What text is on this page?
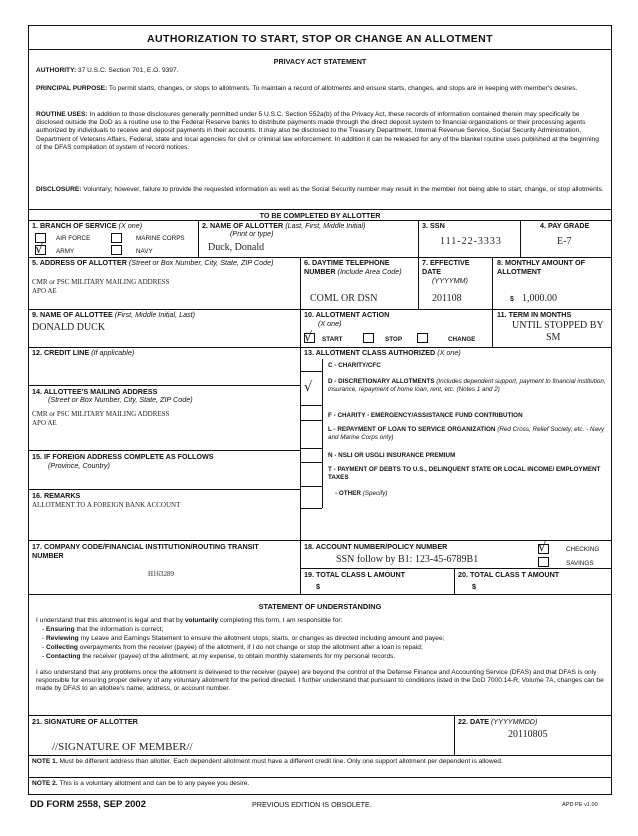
AUTHORIZATION TO START, STOP OR CHANGE AN ALLOTMENT
PRIVACY ACT STATEMENT
AUTHORITY: 37 U.S.C. Section 701, E.O. 9397.
PRINCIPAL PURPOSE: To permit starts, changes, or stops to allotments. To maintain a record of allotments and ensure starts, changes, and stops are in keeping with member's desires.
ROUTINE USES: In addition to those disclosures generally permitted under 5 U.S.C. Section 552a(b) of the Privacy Act, these records of information contained therein may specifically be disclosed outside the DoD as a routine use to the Federal Reserve banks to distribute payments made through the direct deposit system to financial organizations or their processing agents authorized by individuals to receive and deposit payments in their accounts. It may also be disclosed to the Treasury Department, Internal Revenue Service, Social Security Administration, Department of Veterans Affairs, Federal, state and local agencies for civil or criminal law enforcement. In addition it can be released for any of the blanket routine uses published at the beginning of the DFAS compilation of system of record notices.
DISCLOSURE: Voluntary; however, failure to provide the requested information as well as the Social Security number may result in the member not being able to start, change, or stop allotments.
TO BE COMPLETED BY ALLOTTER
1. BRANCH OF SERVICE (X one)
AIR FORCE	MARINE CORPS
√ ARMY	NAVY
2. NAME OF ALLOTTER (Last, First, Middle Initial)
(Print or type)
Duck, Donald
3. SSN
111-22-3333
4. PAY GRADE
E-7
5. ADDRESS OF ALLOTTER (Street or Box Number, City, State, ZIP Code)
CMR or PSC MILITARY MAILING ADDRESS
APO AE
6. DAYTIME TELEPHONE NUMBER (Include Area Code)
COML OR DSN
7. EFFECTIVE DATE
(YYYYMM)
201108
8. MONTHLY AMOUNT OF ALLOTMENT
$ 1,000.00
9. NAME OF ALLOTTEE (First, Middle Initial, Last)
DONALD DUCK
10. ALLOTMENT ACTION
(X one)
√ START	STOP	CHANGE
11. TERM IN MONTHS
UNTIL STOPPED BY
SM
12. CREDIT LINE (If applicable)
14. ALLOTTEE'S MAILING ADDRESS
(Street or Box Number, City, State, ZIP Code)
CMR or PSC MILITARY MAILING ADDRESS
APO AE
15. IF FOREIGN ADDRESS COMPLETE AS FOLLOWS
(Province, Country)
16. REMARKS
ALLOTMENT TO A FOREIGN BANK ACCOUNT
13. ALLOTMENT CLASS AUTHORIZED (X one)
C - CHARITY/CFC
√ D - DISCRETIONARY ALLOTMENTS (Includes dependent support, payment to financial institution, insurance, repayment of home loan, rent, etc. (Notes 1 and 2)
F - CHARITY - EMERGENCY/ASSISTANCE FUND CONTRIBUTION
L - REPAYMENT OF LOAN TO SERVICE ORGANIZATION (Red Cross, Relief Society, etc. - Navy and Marine Corps only)
N - NSLI OR USGLI INSURANCE PREMIUM
T - PAYMENT OF DEBTS TO U.S., DELINQUENT STATE OR LOCAL INCOME/ EMPLOYMENT TAXES
- OTHER (Specify)
17. COMPANY CODE/FINANCIAL INSTITUTION/ROUTING TRANSIT NUMBER
H163289
18. ACCOUNT NUMBER/POLICY NUMBER
SSN follow by B1: 123-45-6789B1
√	CHECKING
SAVINGS
19. TOTAL CLASS L AMOUNT
$
20. TOTAL CLASS T AMOUNT
$
STATEMENT OF UNDERSTANDING
I understand that this allotment is legal and that by voluntarily completing this form, I am responsible for:
- Ensuring that the information is correct;
- Reviewing my Leave and Earnings Statement to ensure the allotment stops, starts, or changes as directed including amount and payee;
- Collecting overpayments from the receiver (payee) of the allotment, if I do not change or stop the allotment after a loan is repaid;
- Contacting the receiver (payee) of the allotment, at my expense, to obtain monthly statements for my personal records.
I also understand that any problems once the allotment is delivered to the receiver (payee) are beyond the control of the Defense Finance and Accounting Service (DFAS) and that DFAS is only responsible for ensuring proper delivery of any voluntary allotment for the period directed. I further understand that pursuant to conditions listed in the DoD 7000.14-R, Volume 7A, changes can be made by DFAS to an allottee's name, address, or account number.
21. SIGNATURE OF ALLOTTER
//SIGNATURE OF MEMBER//
22. DATE (YYYYMMDD)
20110805
NOTE 1. Must be different address than allotter. Each dependent allotment must have a different credit line. Only one support allotment per dependent is allowed.
NOTE 2. This is a voluntary allotment and can be to any payee you desire.
DD FORM 2558, SEP 2002	PREVIOUS EDITION IS OBSOLETE.	APD PE v1.00
